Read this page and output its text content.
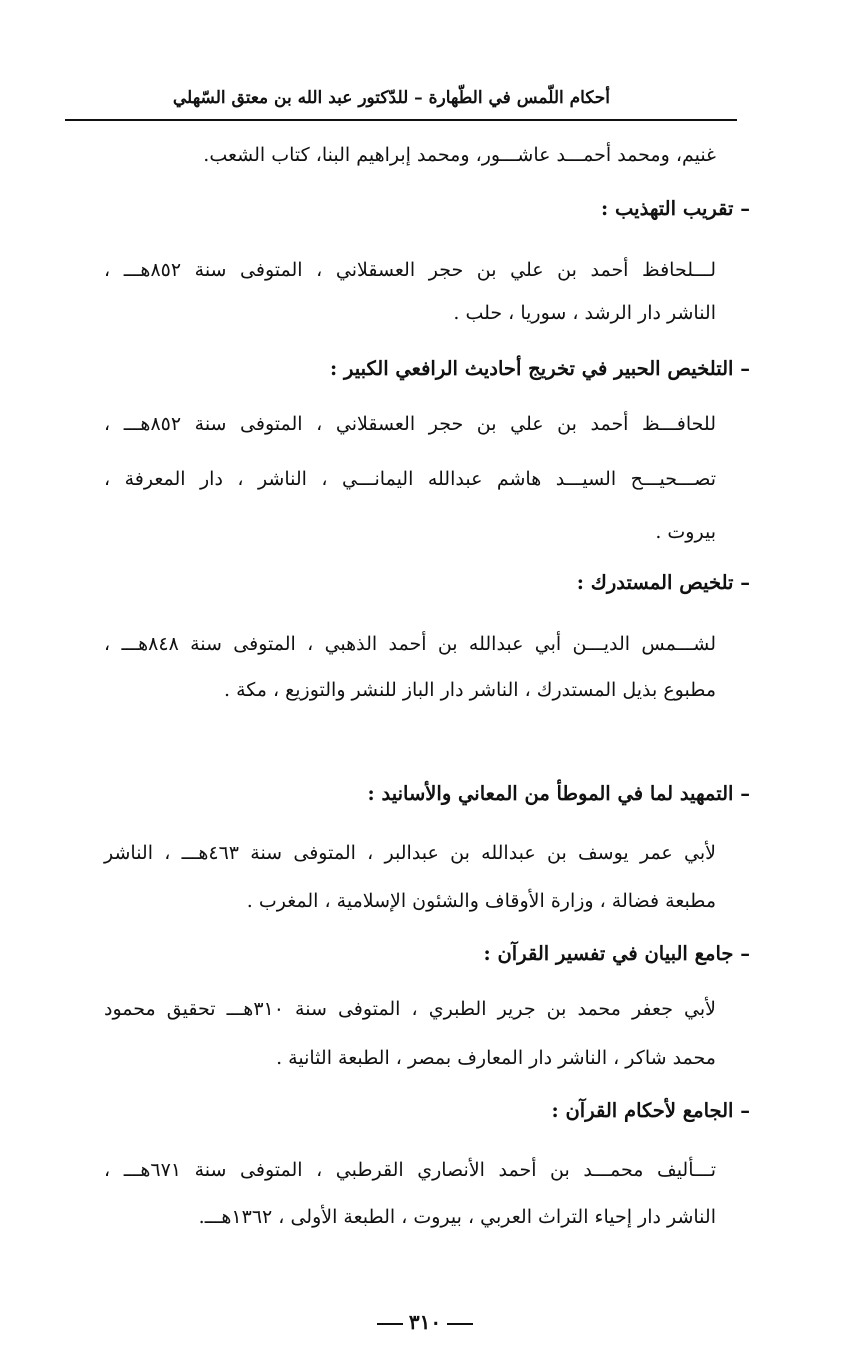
أحكام اللّمس في الطّهارة – للدّكتور عبد الله بن معتق السّهلي
غنيم، ومحمد أحمـــد عاشـــور، ومحمد إبراهيم البنا، كتاب الشعب.
– تقريب التهذيب :
لـــلحافظ أحمد بن علي بن حجر العسقلاني ، المتوفى سنة ٨٥٢هـــ ،
الناشر دار الرشد ، سوريا ، حلب .
– التلخيص الحبير في تخريج أحاديث الرافعي الكبير :
للحافـــظ أحمد بن علي بن حجر العسقلاني ، المتوفى سنة ٨٥٢هـــ ،
تصـــحيـــح السيـــد هاشم عبدالله اليمانـــي ، الناشر ، دار المعرفة ،
بيروت .
– تلخيص المستدرك :
لشـــمس الديـــن أبي عبدالله بن أحمد الذهبي ، المتوفى سنة ٨٤٨هـــ ،
مطبوع بذيل المستدرك ، الناشر دار الباز للنشر والتوزيع ، مكة .
– التمهيد لما في الموطأ من المعاني والأسانيد :
لأبي عمر يوسف بن عبدالله بن عبدالبر ، المتوفى سنة ٤٦٣هـــ ، الناشر
مطبعة فضالة ، وزارة الأوقاف والشئون الإسلامية ، المغرب .
– جامع البيان في تفسير القرآن :
لأبي جعفر محمد بن جرير الطبري ، المتوفى سنة ٣١٠هـــ تحقيق محمود
محمد شاكر ، الناشر دار المعارف بمصر ، الطبعة الثانية .
– الجامع لأحكام القرآن :
تـــأليف محمـــد بن أحمد الأنصاري القرطبي ، المتوفى سنة ٦٧١هـــ ،
الناشر دار إحياء التراث العربي ، بيروت ، الطبعة الأولى ، ١٣٦٢هـــ.
٣١٠
